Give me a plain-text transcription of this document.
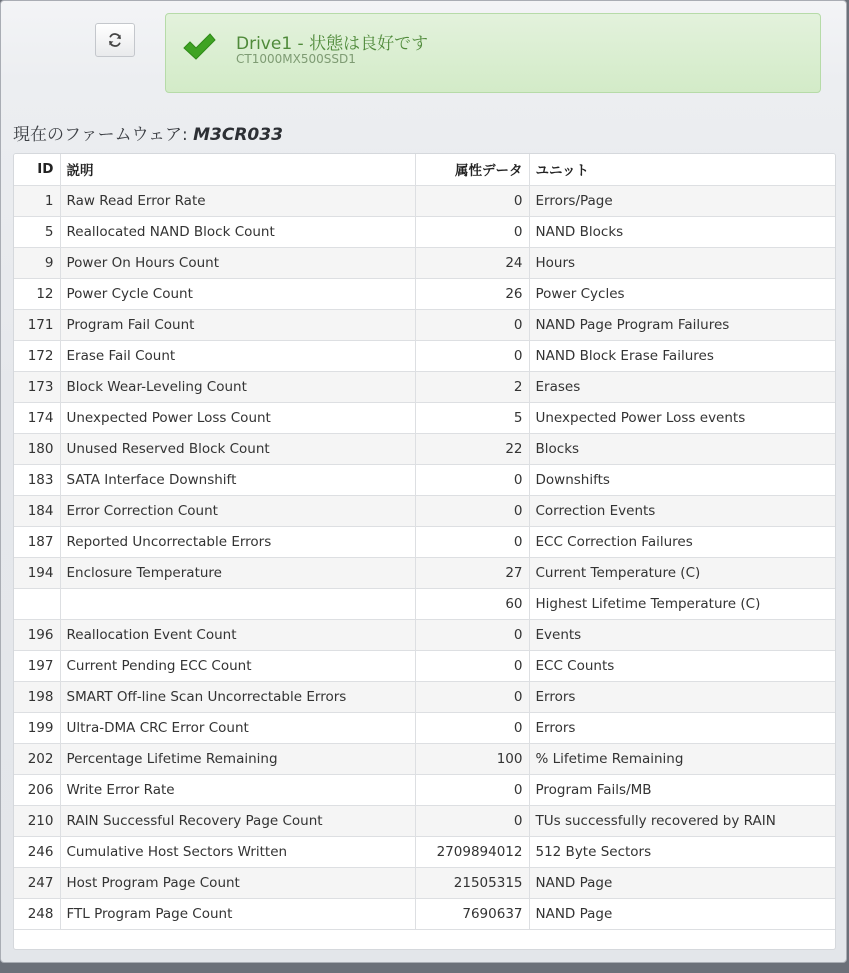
Drive1 - 状態は良好です
CT1000MX500SSD1
現在のファームウェア: M3CR033
ID	説明	属性データ	ユニット
1	Raw Read Error Rate	0	Errors/Page
5	Reallocated NAND Block Count	0	NAND Blocks
9	Power On Hours Count	24	Hours
12	Power Cycle Count	26	Power Cycles
171	Program Fail Count	0	NAND Page Program Failures
172	Erase Fail Count	0	NAND Block Erase Failures
173	Block Wear-Leveling Count	2	Erases
174	Unexpected Power Loss Count	5	Unexpected Power Loss events
180	Unused Reserved Block Count	22	Blocks
183	SATA Interface Downshift	0	Downshifts
184	Error Correction Count	0	Correction Events
187	Reported Uncorrectable Errors	0	ECC Correction Failures
194	Enclosure Temperature	27	Current Temperature (C)
		60	Highest Lifetime Temperature (C)
196	Reallocation Event Count	0	Events
197	Current Pending ECC Count	0	ECC Counts
198	SMART Off-line Scan Uncorrectable Errors	0	Errors
199	Ultra-DMA CRC Error Count	0	Errors
202	Percentage Lifetime Remaining	100	% Lifetime Remaining
206	Write Error Rate	0	Program Fails/MB
210	RAIN Successful Recovery Page Count	0	TUs successfully recovered by RAIN
246	Cumulative Host Sectors Written	2709894012	512 Byte Sectors
247	Host Program Page Count	21505315	NAND Page
248	FTL Program Page Count	7690637	NAND Page
